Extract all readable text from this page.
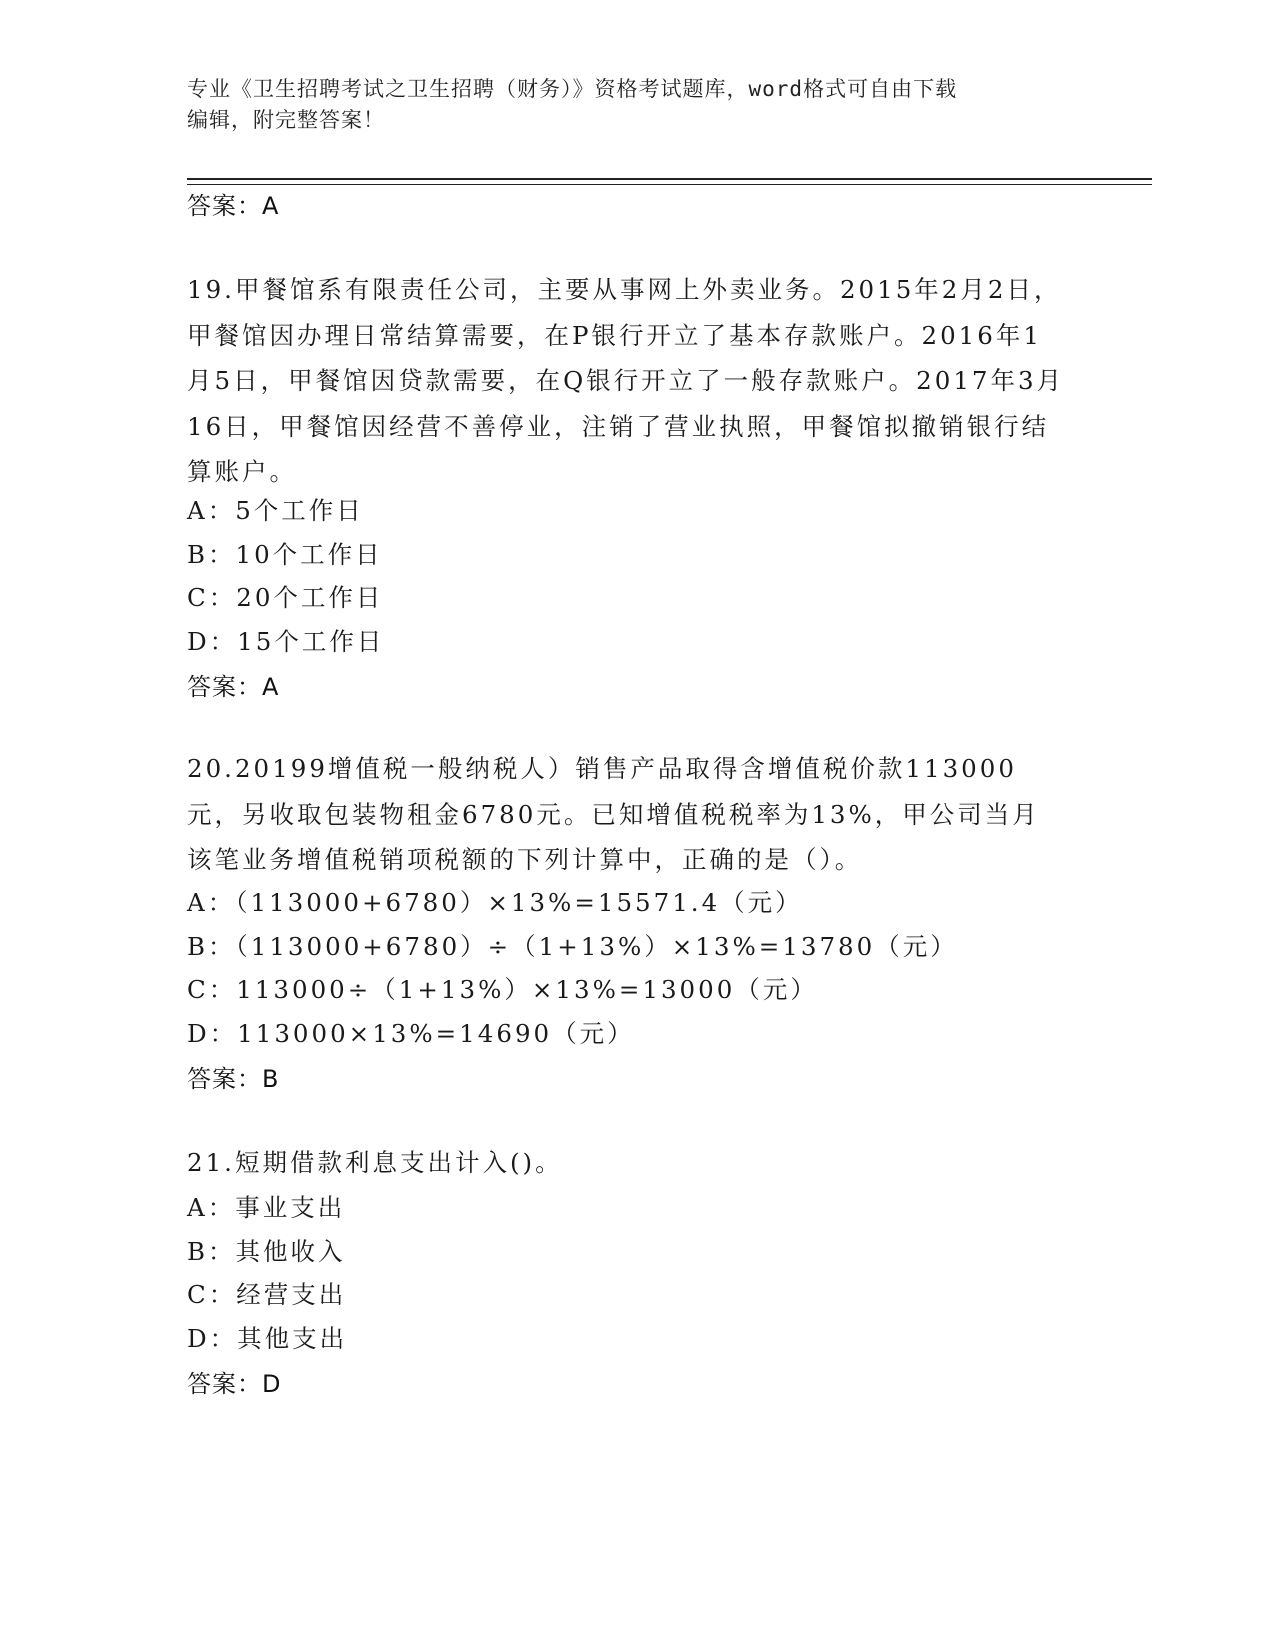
专业《卫生招聘考试之卫生招聘（财务）》资格考试题库，word格式可自由下载
编辑，附完整答案！
答案：A
19.甲餐馆系有限责任公司，主要从事网上外卖业务。2015年2月2日，甲餐馆因办理日常结算需要，在P银行开立了基本存款账户。2016年1月5日，甲餐馆因贷款需要，在Q银行开立了一般存款账户。2017年3月16日，甲餐馆因经营不善停业，注销了营业执照，甲餐馆拟撤销银行结算账户。
A：5个工作日
B：10个工作日
C：20个工作日
D：15个工作日
答案：A
20.20199增值税一般纳税人）销售产品取得含增值税价款113000元，另收取包装物租金6780元。已知增值税税率为13%，甲公司当月该笔业务增值税销项税额的下列计算中，正确的是（）。
A：（113000+6780）×13%=15571.4（元）
B：（113000+6780）÷（1+13%）×13%=13780（元）
C：113000÷（1+13%）×13%=13000（元）
D：113000×13%=14690（元）
答案：B
21.短期借款利息支出计入()。
A：事业支出
B：其他收入
C：经营支出
D：其他支出
答案：D
